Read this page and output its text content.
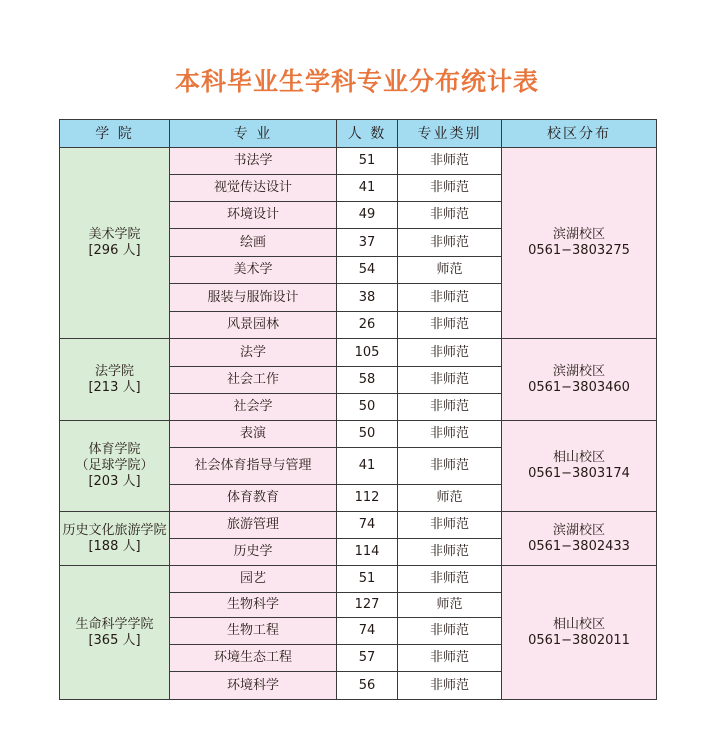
本科毕业生学科专业分布统计表
学 院	专 业	人 数	专业类别	校区分布

美术学院
[296 人]	书法学	51	非师范	滨湖校区
0561−3803275

	视觉传达设计	41	非师范	
	环境设计	49	非师范	
	绘画	37	非师范	
	美术学	54	师范	
	服装与服饰设计	38	非师范	
	风景园林	26	非师范	

法学院
[213 人]	法学	105	非师范	滨湖校区
0561−3803460

	社会工作	58	非师范	
	社会学	50	非师范	

体育学院
（足球学院）
[203 人]	表演	50	非师范	相山校区
0561−3803174

	社会体育指导与管理	41	非师范	
	体育教育	112	师范	

历史文化旅游学院
[188 人]	旅游管理	74	非师范	滨湖校区
0561−3802433

	历史学	114	非师范	

生命科学学院
[365 人]	园艺	51	非师范	相山校区
0561−3802011

	生物科学	127	师范	
	生物工程	74	非师范	
	环境生态工程	57	非师范	
	环境科学	56	非师范	
